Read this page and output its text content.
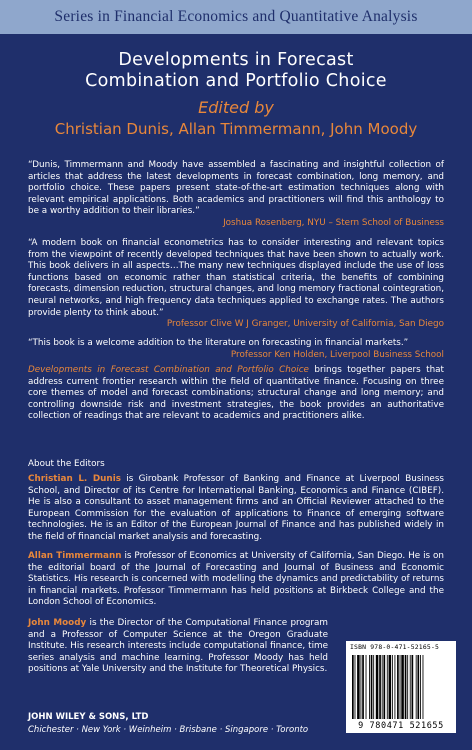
Series in Financial Economics and Quantitative Analysis
Developments in Forecast
Combination and Portfolio Choice
Edited by
Christian Dunis, Allan Timmermann, John Moody
“Dunis, Timmermann and Moody have assembled a fascinating and insightful collection of articles that address the latest developments in forecast combination, long memory, and portfolio choice. These papers present state-of-the-art estimation techniques along with relevant empirical applications. Both academics and practitioners will find this anthology to be a worthy addition to their libraries.”
Joshua Rosenberg, NYU – Stern School of Business
“A modern book on financial econometrics has to consider interesting and relevant topics from the viewpoint of recently developed techniques that have been shown to actually work. This book delivers in all aspects…The many new techniques displayed include the use of loss functions based on economic rather than statistical criteria, the benefits of combining forecasts, dimension reduction, structural changes, and long memory fractional cointegration, neural networks, and high frequency data techniques applied to exchange rates. The authors provide plenty to think about.”
Professor Clive W J Granger, University of California, San Diego
“This book is a welcome addition to the literature on forecasting in financial markets.”
Professor Ken Holden, Liverpool Business School
Developments in Forecast Combination and Portfolio Choice brings together papers that address current frontier research within the field of quantitative finance. Focusing on three core themes of model and forecast combinations; structural change and long memory; and controlling downside risk and investment strategies, the book provides an authoritative collection of readings that are relevant to academics and practitioners alike.
About the Editors
Christian L. Dunis is Girobank Professor of Banking and Finance at Liverpool Business School, and Director of its Centre for International Banking, Economics and Finance (CIBEF). He is also a consultant to asset management firms and an Official Reviewer attached to the European Commission for the evaluation of applications to Finance of emerging software technologies. He is an Editor of the European Journal of Finance and has published widely in the field of financial market analysis and forecasting.
Allan Timmermann is Professor of Economics at University of California, San Diego. He is on the editorial board of the Journal of Forecasting and Journal of Business and Economic Statistics. His research is concerned with modelling the dynamics and predictability of returns in financial markets. Professor Timmermann has held positions at Birkbeck College and the London School of Economics.
John Moody is the Director of the Computational Finance program and a Professor of Computer Science at the Oregon Graduate Institute. His research interests include computational finance, time series analysis and machine learning. Professor Moody has held positions at Yale University and the Institute for Theoretical Physics.
JOHN WILEY & SONS, LTD
Chichester · New York · Weinheim · Brisbane · Singapore · Toronto
ISBN 978-0-471-52165-5
9 780471 521655
